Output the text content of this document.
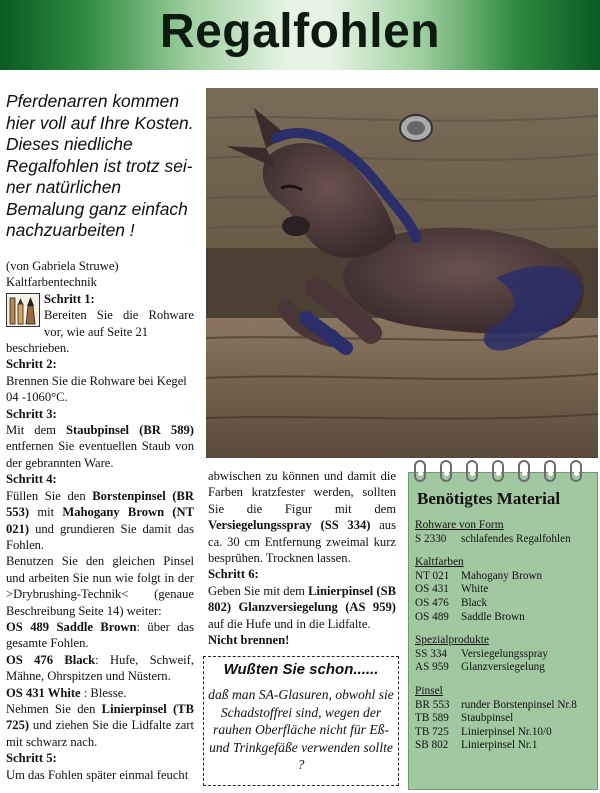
Regalfohlen

Pferdenarren kommen

hier voll auf Ihre Kosten.

Dieses niedliche

Regalfohlen ist trotz sei-

ner natürlichen

Bemalung ganz einfach

nachzuarbeiten !

(von Gabriela Struwe)

Kaltfarbentechnik

Schritt 1:

Bereiten Sie die Rohware vor, wie auf Seite 21

beschrieben.

Schritt 2:

Brennen Sie die Rohware bei Kegel 04 -1060°C.

Schritt 3:

Mit dem Staubpinsel (BR 589) entfernen Sie eventuellen Staub von der gebrannten Ware.

Schritt 4:

Füllen Sie den Borstenpinsel (BR 553) mit Mahogany Brown (NT 021) und grundieren Sie damit das Fohlen.

Benutzen Sie den gleichen Pinsel und arbeiten Sie nun wie folgt in der >Drybrushing-Technik< (genaue Beschreibung Seite 14) weiter:

OS 489 Saddle Brown: über das gesamte Fohlen.

OS 476 Black: Hufe, Schweif, Mähne, Ohrspitzen und Nüstern.

OS 431 White : Blesse.

Nehmen Sie den Linierpinsel (TB 725) und ziehen Sie die Lidfalte zart mit schwarz nach.

Schritt 5:

Um das Fohlen später einmal feucht

abwischen zu können und damit die Farben kratzfester werden, sollten Sie die Figur mit dem Versiegelungsspray (SS 334) aus ca. 30 cm Entfernung zweimal kurz besprühen. Trocknen lassen.

Schritt 6:

Geben Sie mit dem Linierpinsel (SB 802) Glanzversiegelung (AS 959) auf die Hufe und in die Lidfalte.

Nicht brennen!

Wußten Sie schon......
daß man SA-Glasuren, obwohl sie Schadstoffrei sind, wegen der rauhen Oberfläche nicht für Eß- und Trinkgefäße verwenden sollte ?
Benötigtes Material
Rohware von Form
S 2330	schlafendes Regalfohlen
Kaltfarben
NT 021	Mahogany Brown
OS 431	White
OS 476	Black
OS 489	Saddle Brown
Spezialprodukte
SS 334	Versiegelungsspray
AS 959	Glanzversiegelung
Pinsel
BR 553	runder Borstenpinsel Nr.8
TB 589	Staubpinsel
TB 725	Linierpinsel Nr.10/0
SB 802	Linierpinsel Nr.1
